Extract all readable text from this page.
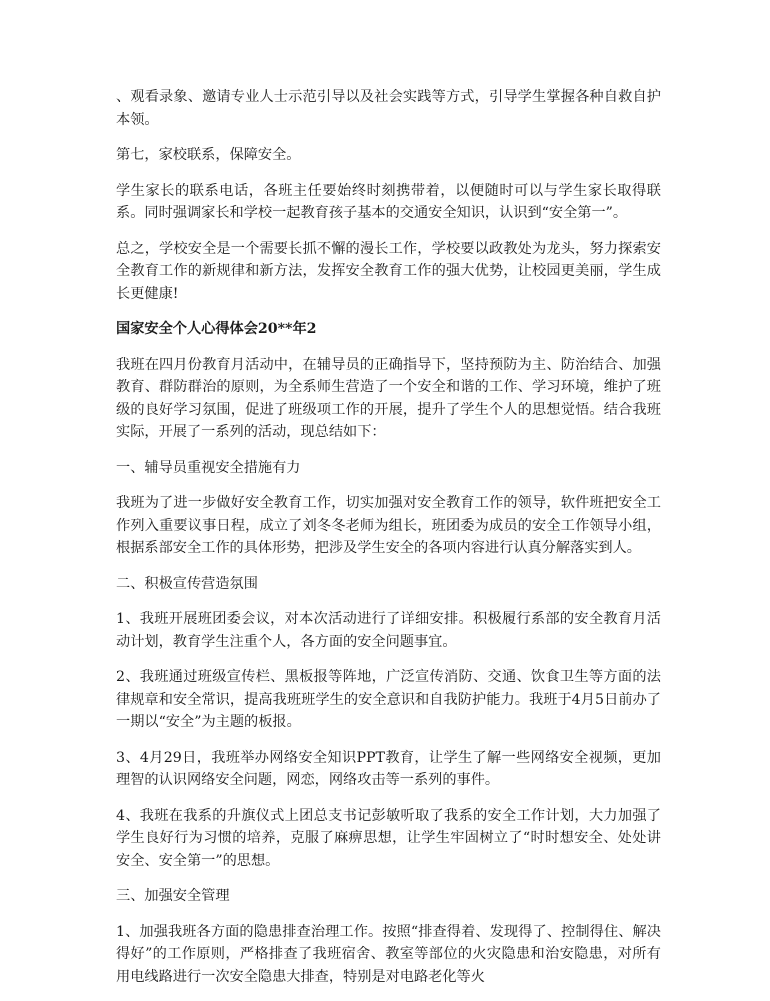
、观看录象、邀请专业人士示范引导以及社会实践等方式，引导学生掌握各种自救自护本领。

第七，家校联系，保障安全。

学生家长的联系电话，各班主任要始终时刻携带着，以便随时可以与学生家长取得联系。同时强调家长和学校一起教育孩子基本的交通安全知识，认识到“安全第一”。

总之，学校安全是一个需要长抓不懈的漫长工作，学校要以政教处为龙头，努力探索安全教育工作的新规律和新方法，发挥安全教育工作的强大优势，让校园更美丽，学生成长更健康!

国家安全个人心得体会20**年2

我班在四月份教育月活动中，在辅导员的正确指导下，坚持预防为主、防治结合、加强教育、群防群治的原则，为全系师生营造了一个安全和谐的工作、学习环境，维护了班级的良好学习氛围，促进了班级项工作的开展，提升了学生个人的思想觉悟。结合我班实际，开展了一系列的活动，现总结如下：

一、辅导员重视安全措施有力

我班为了进一步做好安全教育工作，切实加强对安全教育工作的领导，软件班把安全工作列入重要议事日程，成立了刘冬冬老师为组长，班团委为成员的安全工作领导小组，根据系部安全工作的具体形势，把涉及学生安全的各项内容进行认真分解落实到人。

二、积极宣传营造氛围

1、我班开展班团委会议，对本次活动进行了详细安排。积极履行系部的安全教育月活动计划，教育学生注重个人，各方面的安全问题事宜。

2、我班通过班级宣传栏、黑板报等阵地，广泛宣传消防、交通、饮食卫生等方面的法律规章和安全常识，提高我班班学生的安全意识和自我防护能力。我班于4月5日前办了一期以“安全”为主题的板报。

3、4月29日，我班举办网络安全知识PPT教育，让学生了解一些网络安全视频，更加理智的认识网络安全问题，网恋，网络攻击等一系列的事件。

4、我班在我系的升旗仪式上团总支书记彭敏听取了我系的安全工作计划，大力加强了学生良好行为习惯的培养，克服了麻痹思想，让学生牢固树立了“时时想安全、处处讲安全、安全第一”的思想。

三、加强安全管理

1、加强我班各方面的隐患排查治理工作。按照“排查得着、发现得了、控制得住、解决得好”的工作原则，严格排查了我班宿舍、教室等部位的火灾隐患和治安隐患，对所有用电线路进行一次安全隐患大排查，特别是对电路老化等火
